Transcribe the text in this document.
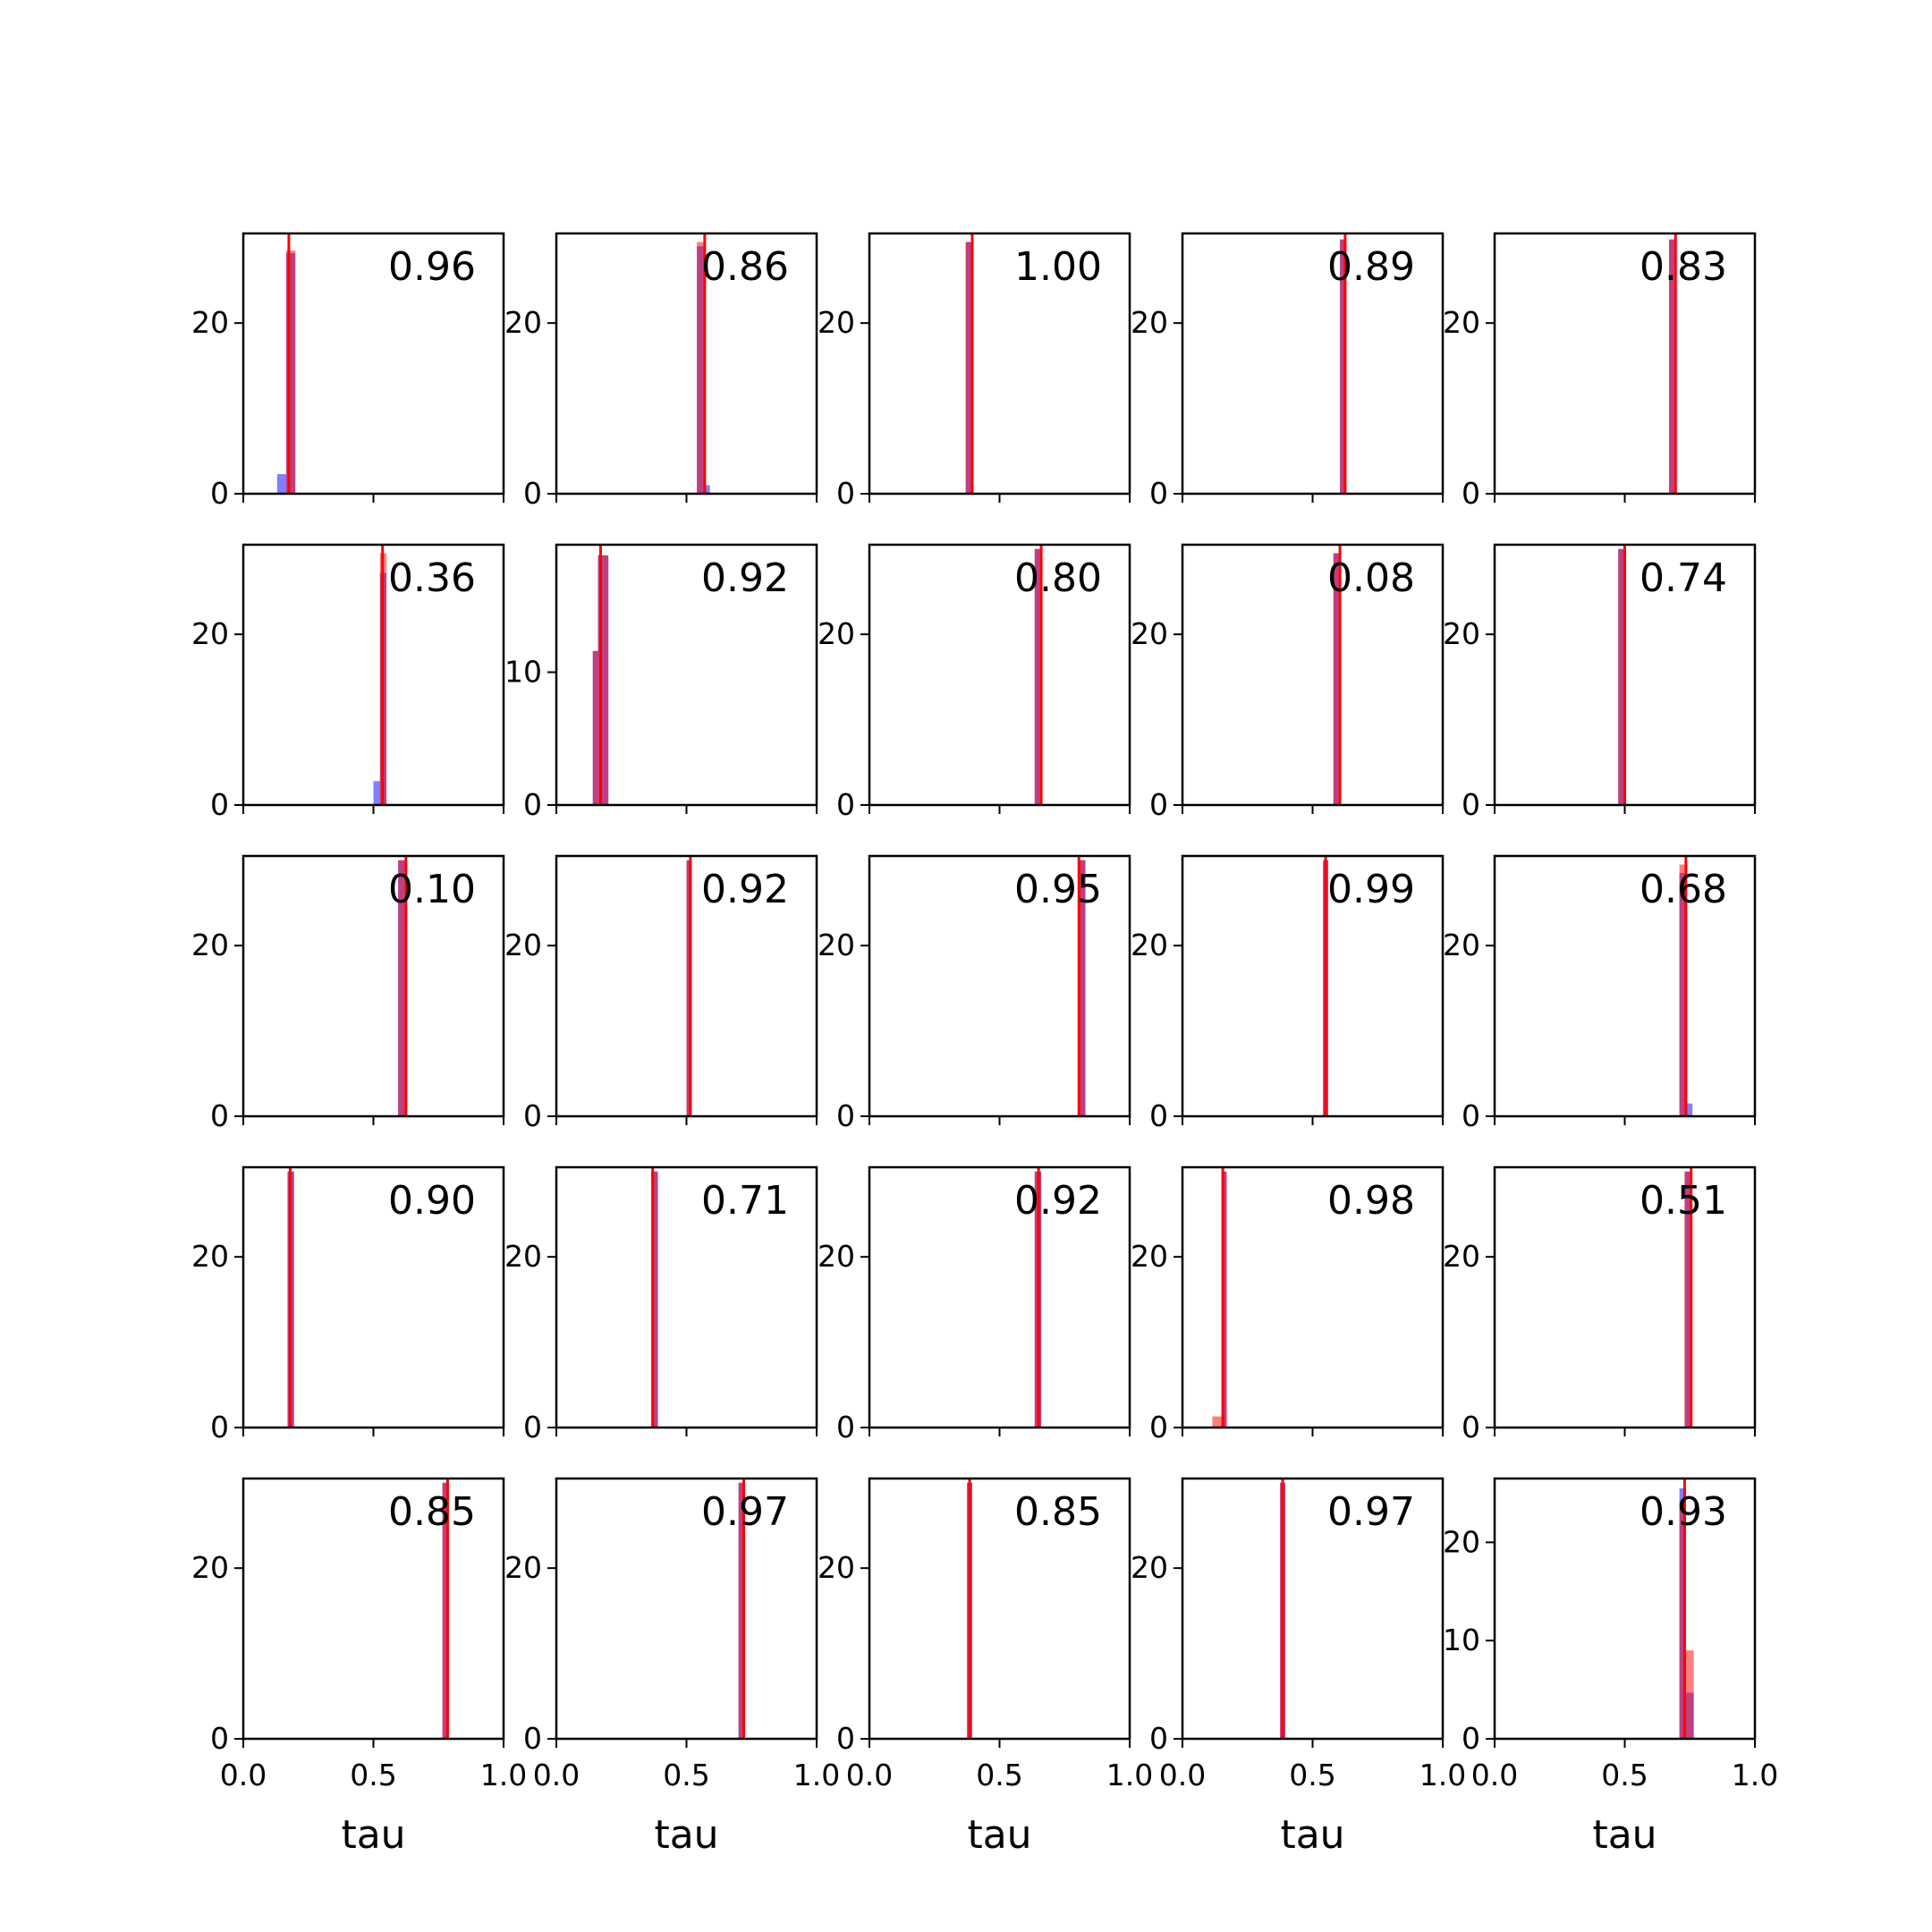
0
20
0.96
0
20
0.86
0
20
1.00
0
20
0.89
0
20
0.83
0
20
0.36
0
10
0.92
0
20
0.80
0
20
0.08
0
20
0.74
0
20
0.10
0
20
0.92
0
20
0.95
0
20
0.99
0
20
0.68
0
20
0.90
0
20
0.71
0
20
0.92
0
20
0.98
0
20
0.51
0
20
0.0	0.5	1.0
tau
0.85
0
20
0.0	0.5	1.0
tau
0.97
0
20
0.0	0.5	1.0
tau
0.85
0
20
0.0	0.5	1.0
tau
0.97
0
10
20
0.0	0.5	1.0
tau
0.93
